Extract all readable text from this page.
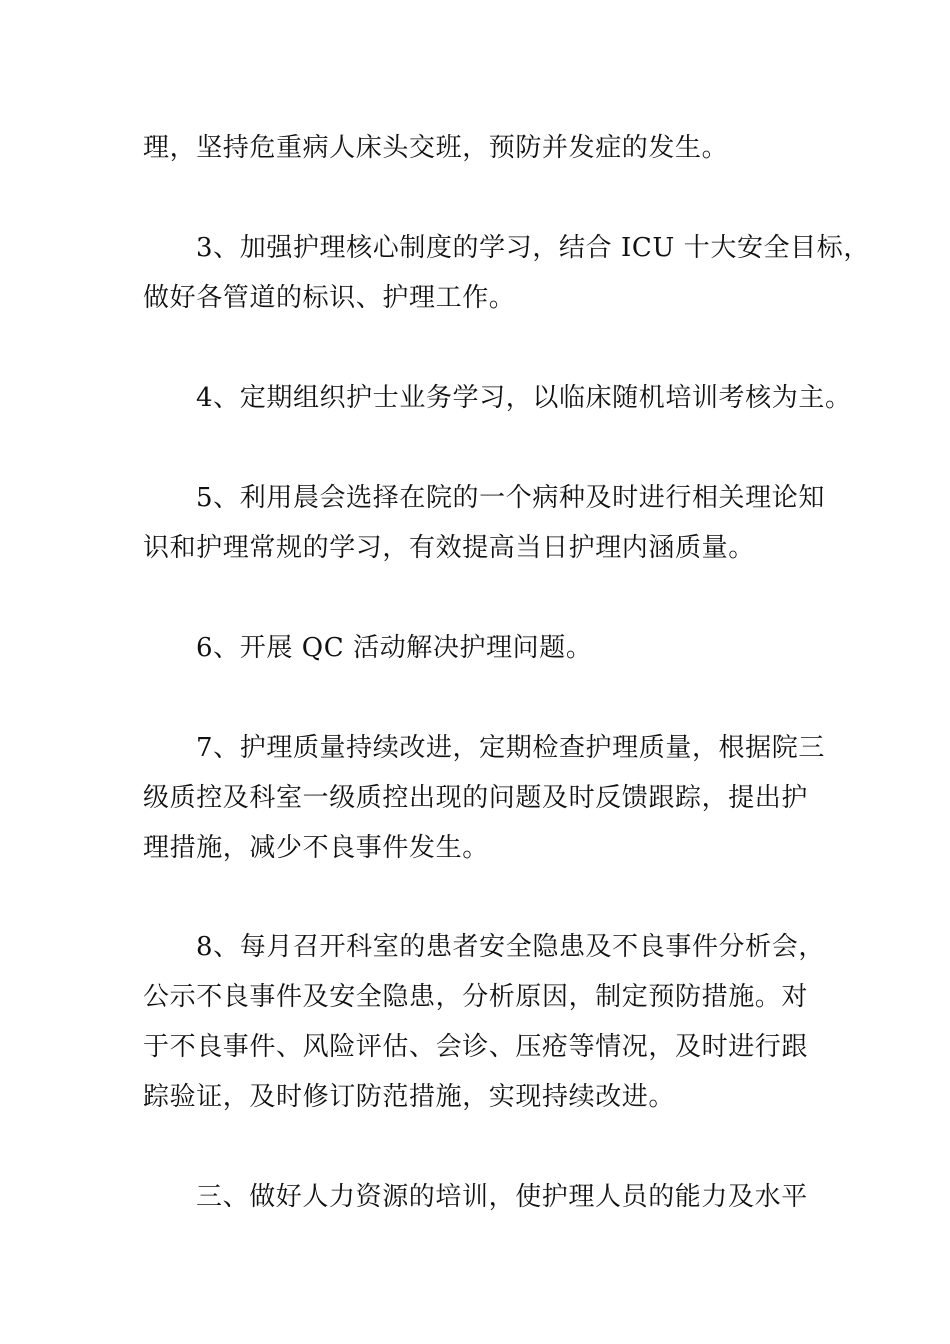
理，坚持危重病人床头交班，预防并发症的发生。
3、加强护理核心制度的学习，结合 ICU 十大安全目标，
做好各管道的标识、护理工作。
4、定期组织护士业务学习，以临床随机培训考核为主。
5、利用晨会选择在院的一个病种及时进行相关理论知
识和护理常规的学习，有效提高当日护理内涵质量。
6、开展 QC 活动解决护理问题。
7、护理质量持续改进，定期检查护理质量，根据院三
级质控及科室一级质控出现的问题及时反馈跟踪，提出护
理措施，减少不良事件发生。
8、每月召开科室的患者安全隐患及不良事件分析会，
公示不良事件及安全隐患，分析原因，制定预防措施。对
于不良事件、风险评估、会诊、压疮等情况，及时进行跟
踪验证，及时修订防范措施，实现持续改进。
三、做好人力资源的培训，使护理人员的能力及水平
